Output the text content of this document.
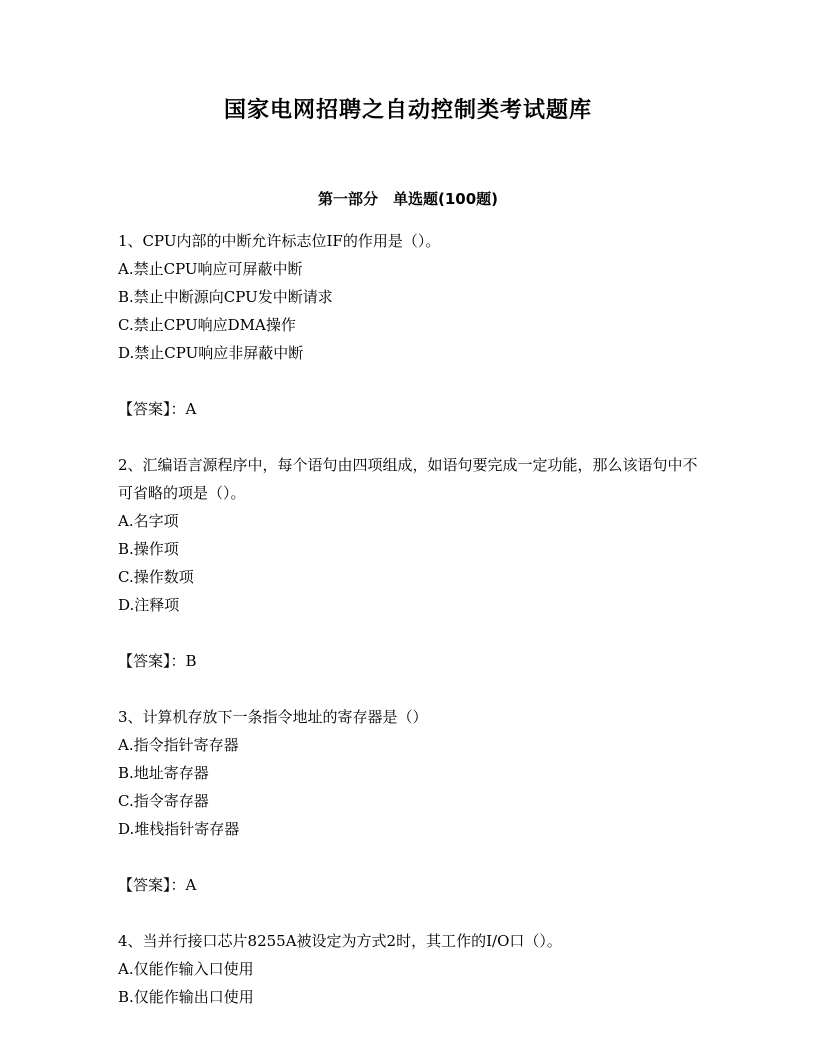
国家电网招聘之自动控制类考试题库
第一部分　单选题(100题)

1、CPU内部的中断允许标志位IF的作用是（）。

A.禁止CPU响应可屏蔽中断

B.禁止中断源向CPU发中断请求

C.禁止CPU响应DMA操作

D.禁止CPU响应非屏蔽中断

【答案】：A

2、汇编语言源程序中，每个语句由四项组成，如语句要完成一定功能，那么该语句中不可省略的项是（）。

A.名字项

B.操作项

C.操作数项

D.注释项

【答案】：B

3、计算机存放下一条指令地址的寄存器是（）

A.指令指针寄存器

B.地址寄存器

C.指令寄存器

D.堆栈指针寄存器

【答案】：A

4、当并行接口芯片8255A被设定为方式2时，其工作的I/O口（）。

A.仅能作输入口使用

B.仅能作输出口使用
